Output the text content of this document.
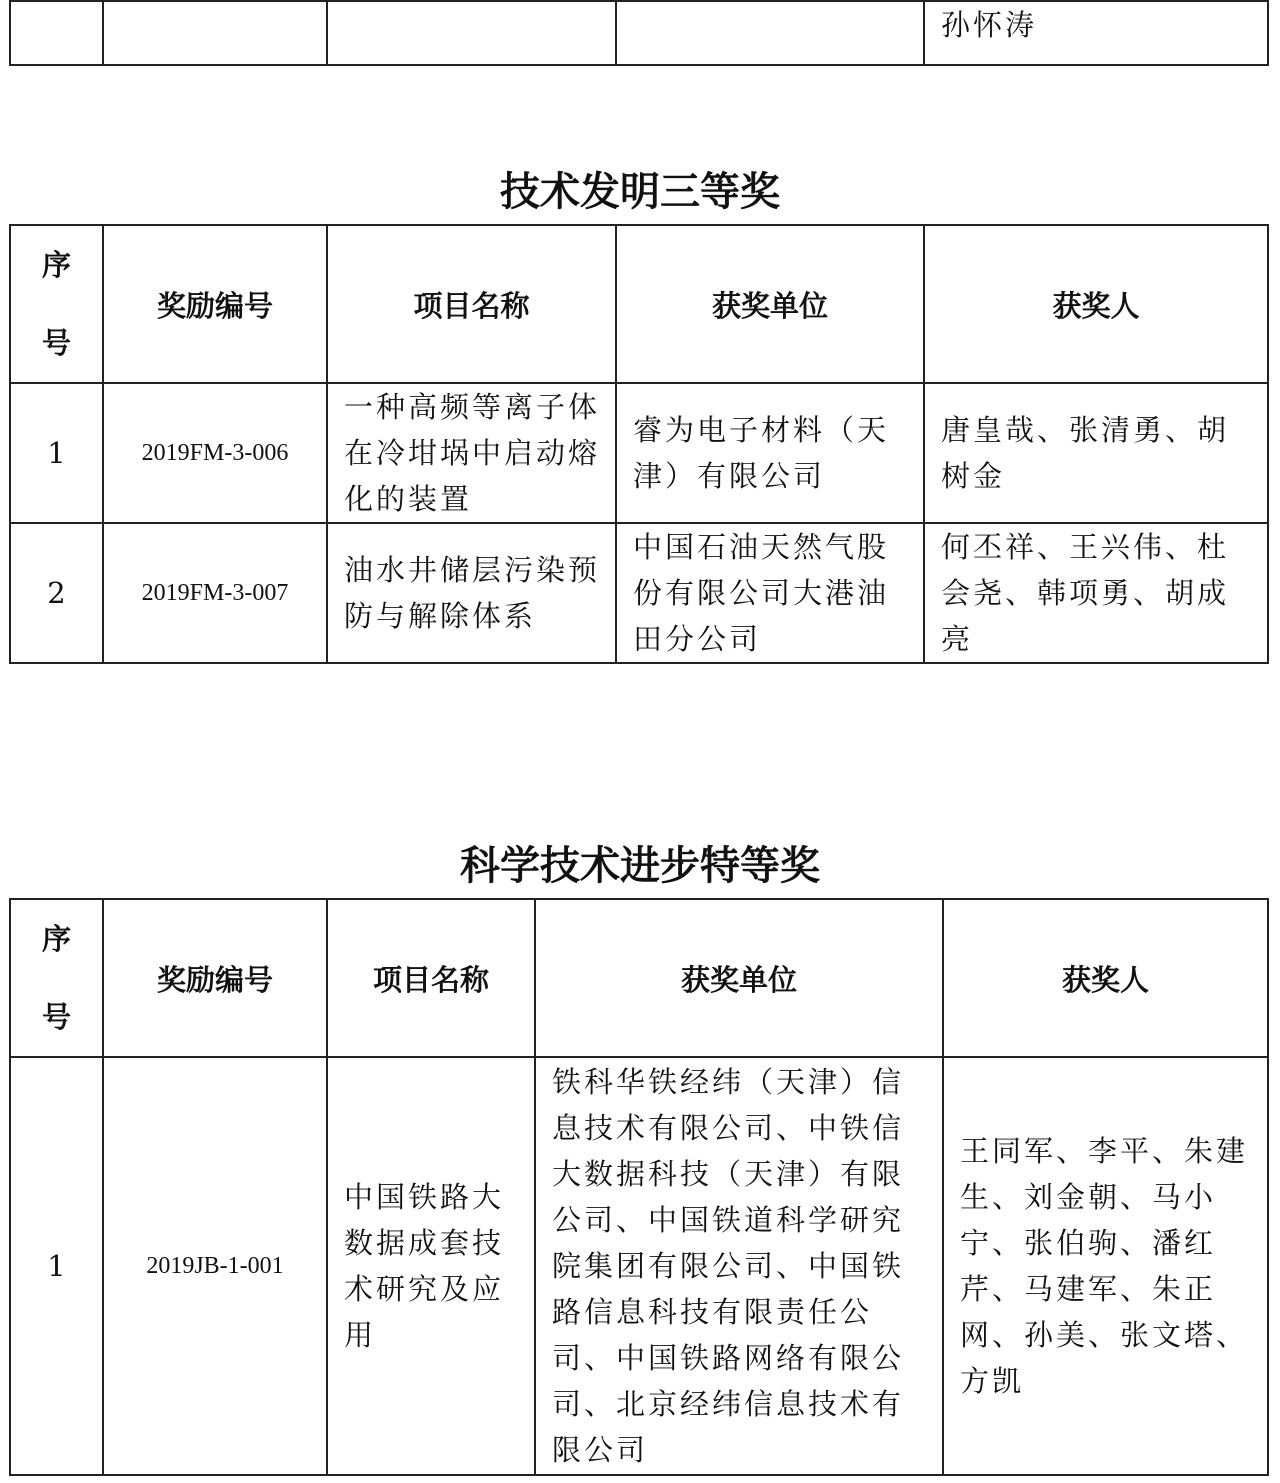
				孙怀涛
技术发明三等奖
序号	奖励编号	项目名称	获奖单位	获奖人
1	2019FM-3-006	一种高频等离子体在冷坩埚中启动熔化的装置	睿为电子材料（天津）有限公司	唐皇哉、张清勇、胡树金
2	2019FM-3-007	油水井储层污染预防与解除体系	中国石油天然气股份有限公司大港油田分公司	何丕祥、王兴伟、杜会尧、韩项勇、胡成亮
科学技术进步特等奖
序号	奖励编号	项目名称	获奖单位	获奖人
1	2019JB-1-001	中国铁路大数据成套技术研究及应用	铁科华铁经纬（天津）信息技术有限公司、中铁信大数据科技（天津）有限公司、中国铁道科学研究院集团有限公司、中国铁路信息科技有限责任公司、中国铁路网络有限公司、北京经纬信息技术有限公司	王同军、李平、朱建生、刘金朝、马小宁、张伯驹、潘红芹、马建军、朱正网、孙美、张文塔、方凯
